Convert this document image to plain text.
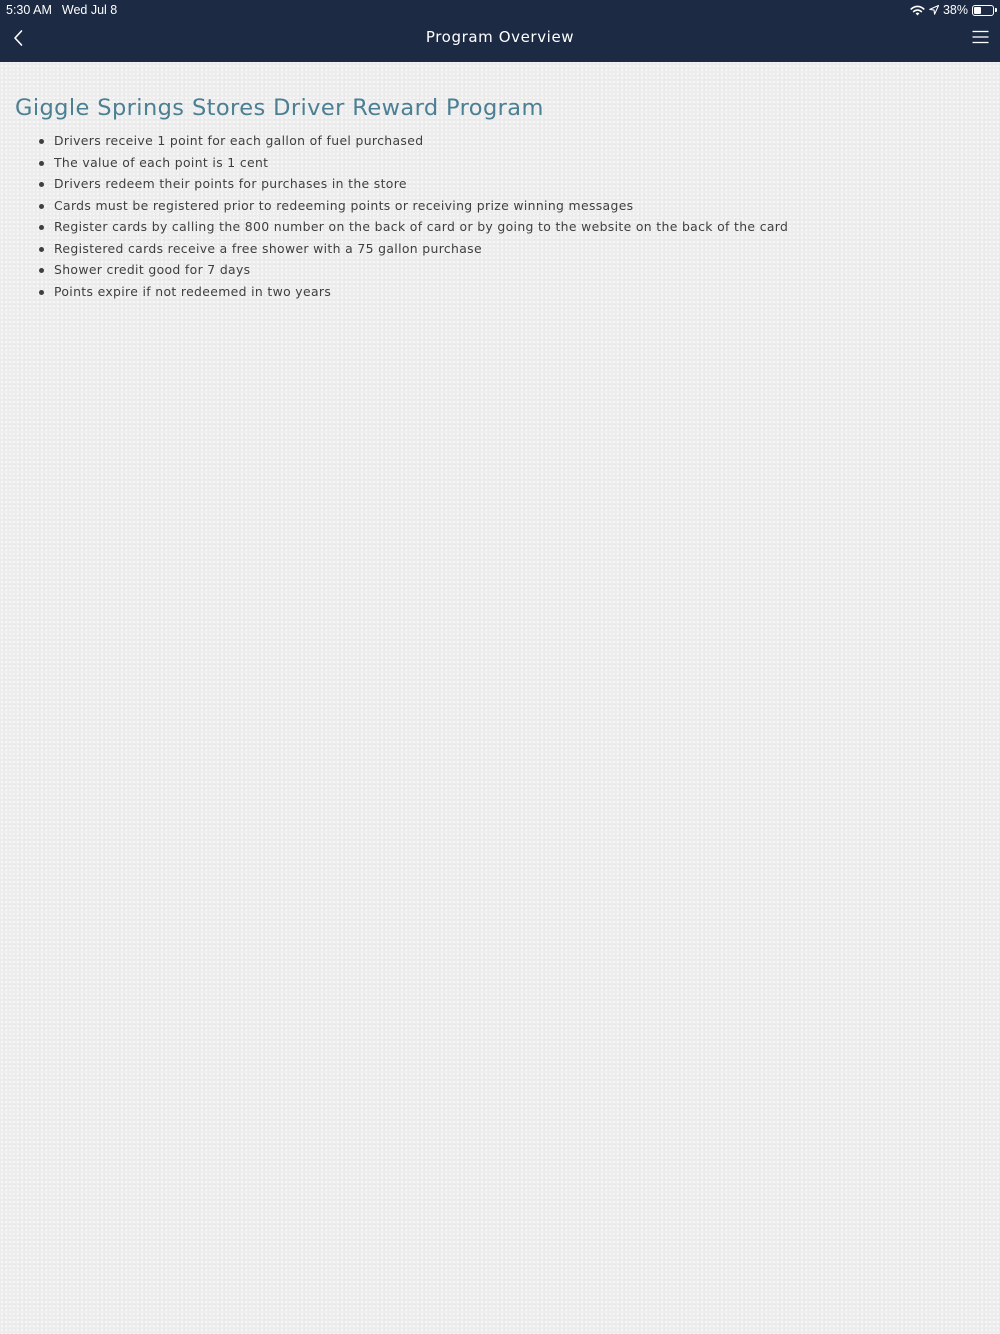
5:30 AM Wed Jul 8	38%
Program Overview
Giggle Springs Stores Driver Reward Program
Drivers receive 1 point for each gallon of fuel purchased
The value of each point is 1 cent
Drivers redeem their points for purchases in the store
Cards must be registered prior to redeeming points or receiving prize winning messages
Register cards by calling the 800 number on the back of card or by going to the website on the back of the card
Registered cards receive a free shower with a 75 gallon purchase
Shower credit good for 7 days
Points expire if not redeemed in two years
